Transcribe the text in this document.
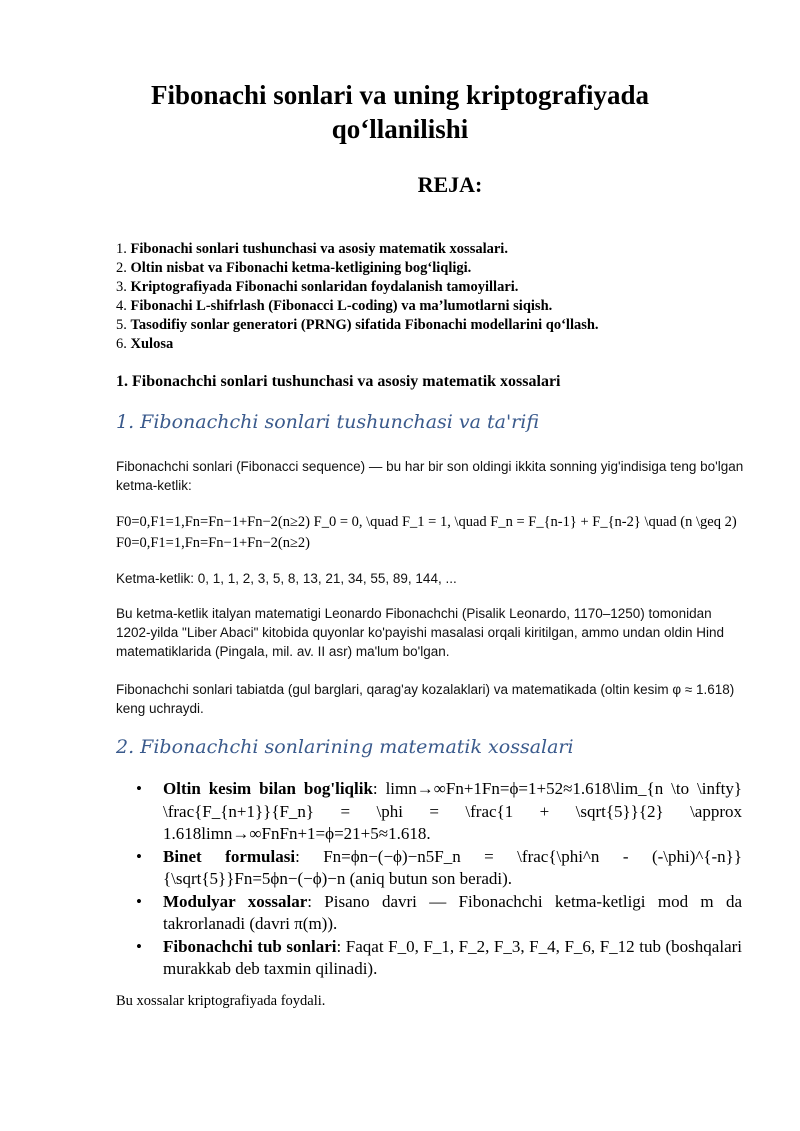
Fibonachi sonlari va uning kriptografiyada
qo‘llanilishi
REJA:
1. Fibonachi sonlari tushunchasi va asosiy matematik xossalari.
2. Oltin nisbat va Fibonachi ketma-ketligining bog‘liqligi.
3. Kriptografiyada Fibonachi sonlaridan foydalanish tamoyillari.
4. Fibonachi L-shifrlash (Fibonacci L-coding) va ma’lumotlarni siqish.
5. Tasodifiy sonlar generatori (PRNG) sifatida Fibonachi modellarini qo‘llash.
6. Xulosa
1. Fibonachchi sonlari tushunchasi va asosiy matematik xossalari
1. Fibonachchi sonlari tushunchasi va ta'rifi
Fibonachchi sonlari (Fibonacci sequence) — bu har bir son oldingi ikkita sonning yig'indisiga teng bo'lgan ketma-ketlik:
F0=0,F1=1,Fn=Fn−1+Fn−2(n≥2) F_0 = 0, \quad F_1 = 1, \quad F_n = F_{n-1} + F_{n-2} \quad (n \geq 2) F0=0,F1=1,Fn=Fn−1+Fn−2(n≥2)
Ketma-ketlik: 0, 1, 1, 2, 3, 5, 8, 13, 21, 34, 55, 89, 144, ...
Bu ketma-ketlik italyan matematigi Leonardo Fibonachchi (Pisalik Leonardo, 1170–1250) tomonidan 1202-yilda "Liber Abaci" kitobida quyonlar ko'payishi masalasi orqali kiritilgan, ammo undan oldin Hind matematiklarida (Pingala, mil. av. II asr) ma'lum bo'lgan.
Fibonachchi sonlari tabiatda (gul barglari, qarag'ay kozalaklari) va matematikada (oltin kesim φ ≈ 1.618) keng uchraydi.
2. Fibonachchi sonlarining matematik xossalari
• Oltin kesim bilan bog'liqlik: limn→∞Fn+1Fn=ϕ=1+52≈1.618\lim_{n \to \infty} \frac{F_{n+1}}{F_n} = \phi = \frac{1 + \sqrt{5}}{2} \approx 1.618limn→∞FnFn+1=ϕ=21+5≈1.618.
• Binet formulasi: Fn=ϕn−(−ϕ)−n5F_n = \frac{\phi^n - (-\phi)^{-n}}{\sqrt{5}}Fn=5ϕn−(−ϕ)−n (aniq butun son beradi).
• Modulyar xossalar: Pisano davri — Fibonachchi ketma-ketligi mod m da takrorlanadi (davri π(m)).
• Fibonachchi tub sonlari: Faqat F_0, F_1, F_2, F_3, F_4, F_6, F_12 tub (boshqalari murakkab deb taxmin qilinadi).
Bu xossalar kriptografiyada foydali.
